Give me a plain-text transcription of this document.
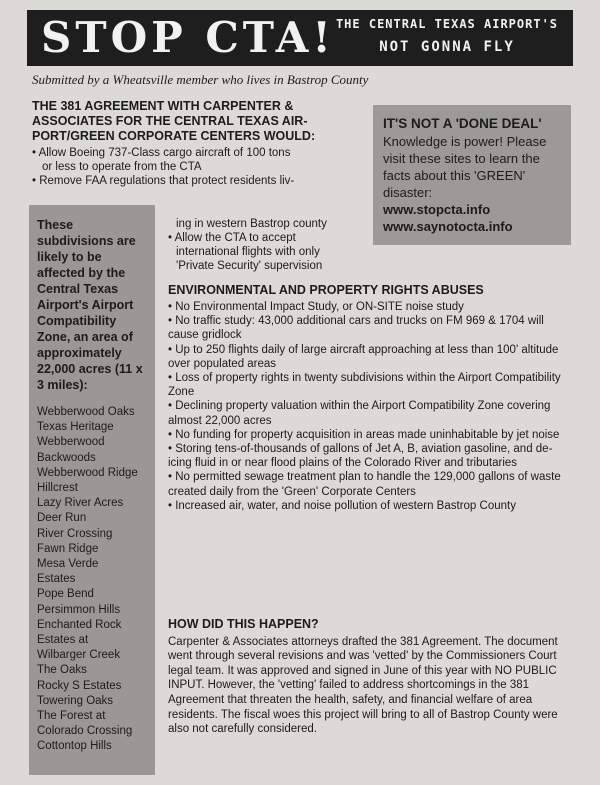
STOP CTA! THE CENTRAL TEXAS AIRPORT'S
NOT GONNA FLY
Submitted by a Wheatsville member who lives in Bastrop County
THE 381 AGREEMENT WITH CARPENTER & ASSOCIATES FOR THE CENTRAL TEXAS AIR-PORT/GREEN CORPORATE CENTERS WOULD:
• Allow Boeing 737-Class cargo aircraft of 100 tons
or less to operate from the CTA
• Remove FAA regulations that protect residents liv-
ing in western Bastrop county
• Allow the CTA to accept
international flights with only
'Private Security' supervision
IT'S NOT A 'DONE DEAL'
Knowledge is power! Please visit these sites to learn the facts about this 'GREEN' disaster:
www.stopcta.info
www.saynotocta.info
These subdivisions are likely to be affected by the Central Texas Airport's Airport Compatibility Zone, an area of approximately 22,000 acres (11 x 3 miles):
Webberwood Oaks
Texas Heritage
Webberwood
Backwoods
Webberwood Ridge
Hillcrest
Lazy River Acres
Deer Run
River Crossing
Fawn Ridge
Mesa Verde
Estates
Pope Bend
Persimmon Hills
Enchanted Rock
Estates at
Wilbarger Creek
The Oaks
Rocky S Estates
Towering Oaks
The Forest at
Colorado Crossing
Cottontop Hills
ENVIRONMENTAL AND PROPERTY RIGHTS ABUSES
• No Environmental Impact Study, or ON-SITE noise study
• No traffic study: 43,000 additional cars and trucks on FM 969 & 1704 will cause gridlock
• Up to 250 flights daily of large aircraft approaching at less than 100' altitude over populated areas
• Loss of property rights in twenty subdivisions within the Airport Compatibility Zone
• Declining property valuation within the Airport Compatibility Zone covering almost 22,000 acres
• No funding for property acquisition in areas made uninhabitable by jet noise
• Storing tens-of-thousands of gallons of Jet A, B, aviation gasoline, and de-icing fluid in or near flood plains of the Colorado River and tributaries
• No permitted sewage treatment plan to handle the 129,000 gallons of waste created daily from the 'Green' Corporate Centers
• Increased air, water, and noise pollution of western Bastrop County
HOW DID THIS HAPPEN?
Carpenter & Associates attorneys drafted the 381 Agreement. The document went through several revisions and was 'vetted' by the Commissioners Court legal team. It was approved and signed in June of this year with NO PUBLIC INPUT. However, the 'vetting' failed to address shortcomings in the 381 Agreement that threaten the health, safety, and financial welfare of area residents. The fiscal woes this project will bring to all of Bastrop County were also not carefully considered.
